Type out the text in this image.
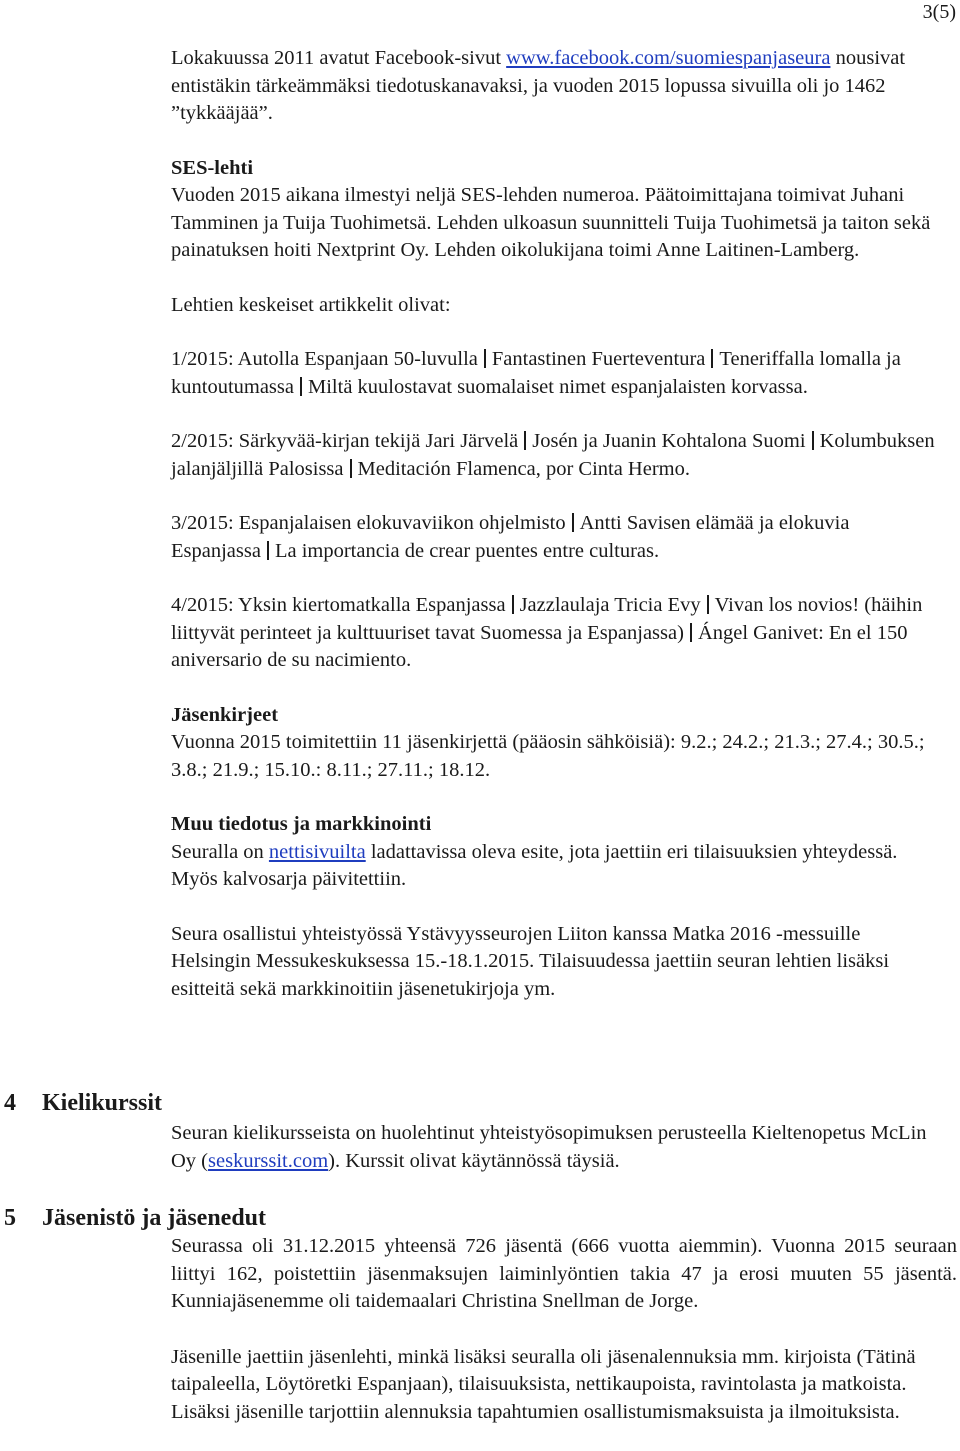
3(5)

Lokakuussa 2011 avatut Facebook-sivut www.facebook.com/suomiespanjaseura nousivat entistäkin tärkeämmäksi tiedotuskanavaksi, ja vuoden 2015 lopussa sivuilla oli jo 1462 ”tykkääjää”.

SES-lehti

Vuoden 2015 aikana ilmestyi neljä SES-lehden numeroa. Päätoimittajana toimivat Juhani Tamminen ja Tuija Tuohimetsä. Lehden ulkoasun suunnitteli Tuija Tuohimetsä ja taiton sekä painatuksen hoiti Nextprint Oy. Lehden oikolukijana toimi Anne Laitinen-Lamberg.

Lehtien keskeiset artikkelit olivat:

1/2015: Autolla Espanjaan 50-luvulla Fantastinen Fuerteventura Teneriffalla lomalla ja kuntoutumassa Miltä kuulostavat suomalaiset nimet espanjalaisten korvassa.

2/2015: Särkyvää-kirjan tekijä Jari Järvelä Josén ja Juanin Kohtalona Suomi Kolumbuksen jalanjäljillä Palosissa Meditación Flamenca, por Cinta Hermo.

3/2015: Espanjalaisen elokuvaviikon ohjelmisto Antti Savisen elämää ja elokuvia Espanjassa La importancia de crear puentes entre culturas.

4/2015: Yksin kiertomatkalla Espanjassa Jazzlaulaja Tricia Evy Vivan los novios! (häihin liittyvät perinteet ja kulttuuriset tavat Suomessa ja Espanjassa) Ángel Ganivet: En el 150 aniversario de su nacimiento.

Jäsenkirjeet

Vuonna 2015 toimitettiin 11 jäsenkirjettä (pääosin sähköisiä): 9.2.; 24.2.; 21.3.; 27.4.; 30.5.; 3.8.; 21.9.; 15.10.: 8.11.; 27.11.; 18.12.

Muu tiedotus ja markkinointi

Seuralla on nettisivuilta ladattavissa oleva esite, jota jaettiin eri tilaisuuksien yhteydessä. Myös kalvosarja päivitettiin.

Seura osallistui yhteistyössä Ystävyysseurojen Liiton kanssa Matka 2016 -messuille Helsingin Messukeskuksessa 15.-18.1.2015. Tilaisuudessa jaettiin seuran lehtien lisäksi esitteitä sekä markkinoitiin jäsenetukirjoja ym.

4 Kielikurssit

Seuran kielikursseista on huolehtinut yhteistyösopimuksen perusteella Kieltenopetus McLin Oy (seskurssit.com). Kurssit olivat käytännössä täysiä.

5 Jäsenistö ja jäsenedut

Seurassa oli 31.12.2015 yhteensä 726 jäsentä (666 vuotta aiemmin). Vuonna 2015 seuraan liittyi 162, poistettiin jäsenmaksujen laiminlyöntien takia 47 ja erosi muuten 55 jäsentä. Kunniajäsenemme oli taidemaalari Christina Snellman de Jorge.

Jäsenille jaettiin jäsenlehti, minkä lisäksi seuralla oli jäsenalennuksia mm. kirjoista (Tätinä taipaleella, Löytöretki Espanjaan), tilaisuuksista, nettikaupoista, ravintolasta ja matkoista. Lisäksi jäsenille tarjottiin alennuksia tapahtumien osallistumismaksuista ja ilmoituksista.
